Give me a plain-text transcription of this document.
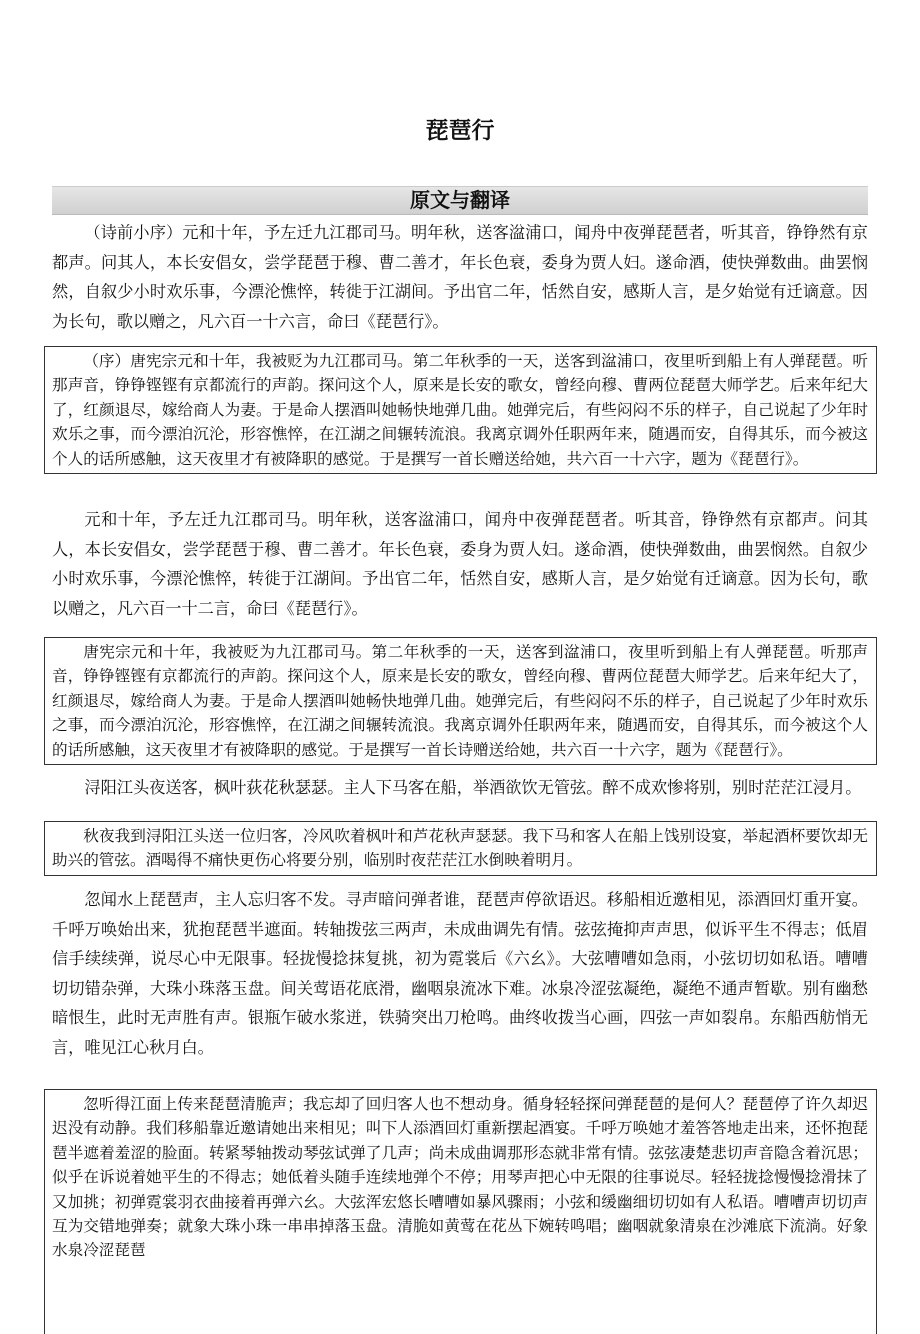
琵琶行
原文与翻译
（诗前小序）元和十年，予左迁九江郡司马。明年秋，送客湓浦口，闻舟中夜弹琵琶者，听其音，铮铮然有京都声。问其人，本长安倡女，尝学琵琶于穆、曹二善才，年长色衰，委身为贾人妇。遂命酒，使快弹数曲。曲罢悯然，自叙少小时欢乐事，今漂沦憔悴，转徙于江湖间。予出官二年，恬然自安，感斯人言，是夕始觉有迁谪意。因为长句，歌以赠之，凡六百一十六言，命曰《琵琶行》。
（序）唐宪宗元和十年，我被贬为九江郡司马。第二年秋季的一天，送客到湓浦口，夜里听到船上有人弹琵琶。听那声音，铮铮铿铿有京都流行的声韵。探问这个人，原来是长安的歌女，曾经向穆、曹两位琵琶大师学艺。后来年纪大了，红颜退尽，嫁给商人为妻。于是命人摆酒叫她畅快地弹几曲。她弹完后，有些闷闷不乐的样子，自己说起了少年时欢乐之事，而今漂泊沉沦，形容憔悴，在江湖之间辗转流浪。我离京调外任职两年来，随遇而安，自得其乐，而今被这个人的话所感触，这天夜里才有被降职的感觉。于是撰写一首长赠送给她，共六百一十六字，题为《琵琶行》。
元和十年，予左迁九江郡司马。明年秋，送客湓浦口，闻舟中夜弹琵琶者。听其音，铮铮然有京都声。问其人，本长安倡女，尝学琵琶于穆、曹二善才。年长色衰，委身为贾人妇。遂命酒，使快弹数曲，曲罢悯然。自叙少小时欢乐事，今漂沦憔悴，转徙于江湖间。予出官二年，恬然自安，感斯人言，是夕始觉有迁谪意。因为长句，歌以赠之，凡六百一十二言，命曰《琵琶行》。
唐宪宗元和十年，我被贬为九江郡司马。第二年秋季的一天，送客到湓浦口，夜里听到船上有人弹琵琶。听那声音，铮铮铿铿有京都流行的声韵。探问这个人，原来是长安的歌女，曾经向穆、曹两位琵琶大师学艺。后来年纪大了，红颜退尽，嫁给商人为妻。于是命人摆酒叫她畅快地弹几曲。她弹完后，有些闷闷不乐的样子，自己说起了少年时欢乐之事，而今漂泊沉沦，形容憔悴，在江湖之间辗转流浪。我离京调外任职两年来，随遇而安，自得其乐，而今被这个人的话所感触，这天夜里才有被降职的感觉。于是撰写一首长诗赠送给她，共六百一十六字，题为《琵琶行》。
浔阳江头夜送客，枫叶荻花秋瑟瑟。主人下马客在船，举酒欲饮无管弦。醉不成欢惨将别，别时茫茫江浸月。
秋夜我到浔阳江头送一位归客，冷风吹着枫叶和芦花秋声瑟瑟。我下马和客人在船上饯别设宴，举起酒杯要饮却无助兴的管弦。酒喝得不痛快更伤心将要分别，临别时夜茫茫江水倒映着明月。
忽闻水上琵琶声，主人忘归客不发。寻声暗问弹者谁，琵琶声停欲语迟。移船相近邀相见，添酒回灯重开宴。千呼万唤始出来，犹抱琵琶半遮面。转轴拨弦三两声，未成曲调先有情。弦弦掩抑声声思，似诉平生不得志；低眉信手续续弹，说尽心中无限事。轻拢慢捻抹复挑，初为霓裳后《六幺》。大弦嘈嘈如急雨，小弦切切如私语。嘈嘈切切错杂弹，大珠小珠落玉盘。间关莺语花底滑，幽咽泉流冰下难。冰泉冷涩弦凝绝，凝绝不通声暂歇。别有幽愁暗恨生，此时无声胜有声。银瓶乍破水浆迸，铁骑突出刀枪鸣。曲终收拨当心画，四弦一声如裂帛。东船西舫悄无言，唯见江心秋月白。
忽听得江面上传来琵琶清脆声；我忘却了回归客人也不想动身。循身轻轻探问弹琵琶的是何人？琵琶停了许久却迟迟没有动静。我们移船靠近邀请她出来相见；叫下人添酒回灯重新摆起酒宴。千呼万唤她才羞答答地走出来，还怀抱琵琶半遮着羞涩的脸面。转紧琴轴拨动琴弦试弹了几声；尚未成曲调那形态就非常有情。弦弦凄楚悲切声音隐含着沉思；似乎在诉说着她平生的不得志；她低着头随手连续地弹个不停；用琴声把心中无限的往事说尽。轻轻拢捻慢慢捻滑抹了又加挑；初弹霓裳羽衣曲接着再弹六幺。大弦浑宏悠长嘈嘈如暴风骤雨；小弦和缓幽细切切如有人私语。嘈嘈声切切声互为交错地弹奏；就象大珠小珠一串串掉落玉盘。清脆如黄莺在花丛下婉转鸣唱；幽咽就象清泉在沙滩底下流淌。好象水泉冷涩琵琶
